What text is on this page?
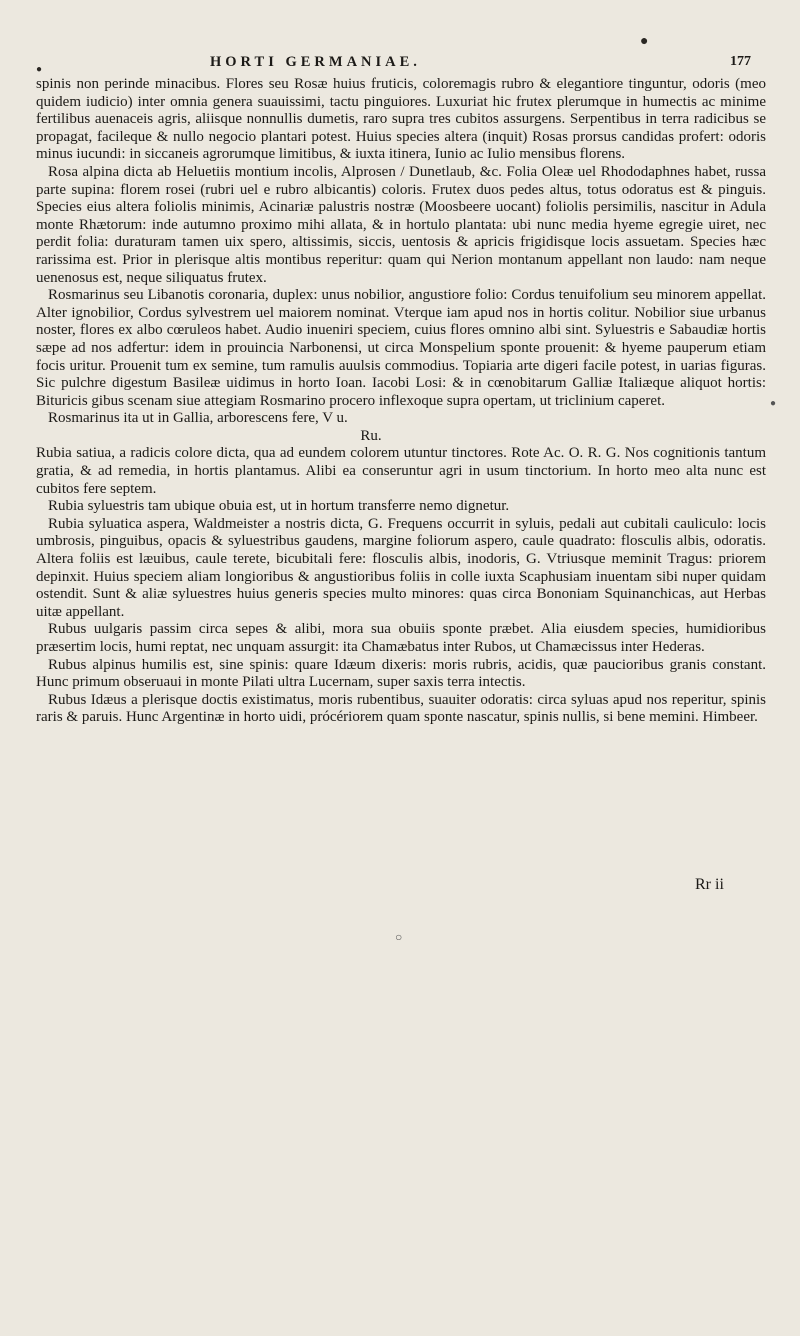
●
●
●
○
HORTI GERMANIAE.	177

spinis non perinde minacibus. Flores seu Rosæ huius fruticis, coloremagis rubro & elegantiore tinguntur, odoris (meo quidem iudicio) inter omnia genera suauissimi, tactu pinguiores. Luxuriat hic frutex plerumque in humectis ac minime fertilibus auenaceis agris, aliisque nonnullis dumetis, raro supra tres cubitos assurgens. Serpentibus in terra radicibus se propagat, facileque & nullo negocio plantari potest. Huius species altera (inquit) Rosas prorsus candidas profert: odoris minus iucundi: in siccaneis agrorumque limitibus, & iuxta itinera, Iunio ac Iulio mensibus florens.

Rosa alpina dicta ab Heluetiis montium incolis, Alprosen / Dunetlaub, &c. Folia Oleæ uel Rhododaphnes habet, russa parte supina: florem rosei (rubri uel e rubro albicantis) coloris. Frutex duos pedes altus, totus odoratus est & pinguis. Species eius altera foliolis minimis, Acinariæ palustris nostræ (Moosbeere uocant) foliolis persimilis, nascitur in Adula monte Rhætorum: inde autumno proximo mihi allata, & in hortulo plantata: ubi nunc media hyeme egregie uiret, nec perdit folia: duraturam tamen uix spero, altissimis, siccis, uentosis & apricis frigidisque locis assuetam. Species hæc rarissima est. Prior in plerisque altis montibus reperitur: quam qui Nerion montanum appellant non laudo: nam neque uenenosus est, neque siliquatus frutex.

Rosmarinus seu Libanotis coronaria, duplex: unus nobilior, angustiore folio: Cordus tenuifolium seu minorem appellat. Alter ignobilior, Cordus sylvestrem uel maiorem nominat. Vterque iam apud nos in hortis colitur. Nobilior siue urbanus noster, flores ex albo cœruleos habet. Audio inueniri speciem, cuius flores omnino albi sint. Syluestris e Sabaudiæ hortis sæpe ad nos adfertur: idem in prouincia Narbonensi, ut circa Monspelium sponte prouenit: & hyeme pauperum etiam focis uritur. Prouenit tum ex semine, tum ramulis auulsis commodius. Topiaria arte digeri facile potest, in uarias figuras. Sic pulchre digestum Basileæ uidimus in horto Ioan. Iacobi Losi: & in cœnobitarum Galliæ Italiæque aliquot hortis: Bituricis gibus scenam siue attegiam Rosmarino procero inflexoque supra opertam, ut triclinium caperet.

Rosmarinus ita ut in Gallia, arborescens fere, V u.

Ru.

Rubia satiua, a radicis colore dicta, qua ad eundem colorem utuntur tinctores. Rote Ac. O. R. G. Nos cognitionis tantum gratia, & ad remedia, in hortis plantamus. Alibi ea conseruntur agri in usum tinctorium. In horto meo alta nunc est cubitos fere septem.

Rubia syluestris tam ubique obuia est, ut in hortum transferre nemo dignetur.

Rubia syluatica aspera, Waldmeister a nostris dicta, G. Frequens occurrit in syluis, pedali aut cubitali cauliculo: locis umbrosis, pinguibus, opacis & syluestribus gaudens, margine foliorum aspero, caule quadrato: flosculis albis, odoratis. Altera foliis est læuibus, caule terete, bicubitali fere: flosculis albis, inodoris, G. Vtriusque meminit Tragus: priorem depinxit. Huius speciem aliam longioribus & angustioribus foliis in colle iuxta Scaphusiam inuentam sibi nuper quidam ostendit. Sunt & aliæ syluestres huius generis species multo minores: quas circa Bononiam Squinanchicas, aut Herbas uitæ appellant.

Rubus uulgaris passim circa sepes & alibi, mora sua obuiis sponte præbet. Alia eiusdem species, humidioribus præsertim locis, humi reptat, nec unquam assurgit: ita Chamæbatus inter Rubos, ut Chamæcissus inter Hederas.

Rubus alpinus humilis est, sine spinis: quare Idæum dixeris: moris rubris, acidis, quæ paucioribus granis constant. Hunc primum obseruaui in monte Pilati ultra Lucernam, super saxis terra intectis.

Rubus Idæus a plerisque doctis existimatus, moris rubentibus, suauiter odoratis: circa syluas apud nos reperitur, spinis raris & paruis. Hunc Argentinæ in horto uidi, prócériorem quam sponte nascatur, spinis nullis, si bene memini. Himbeer.

Rr ii
